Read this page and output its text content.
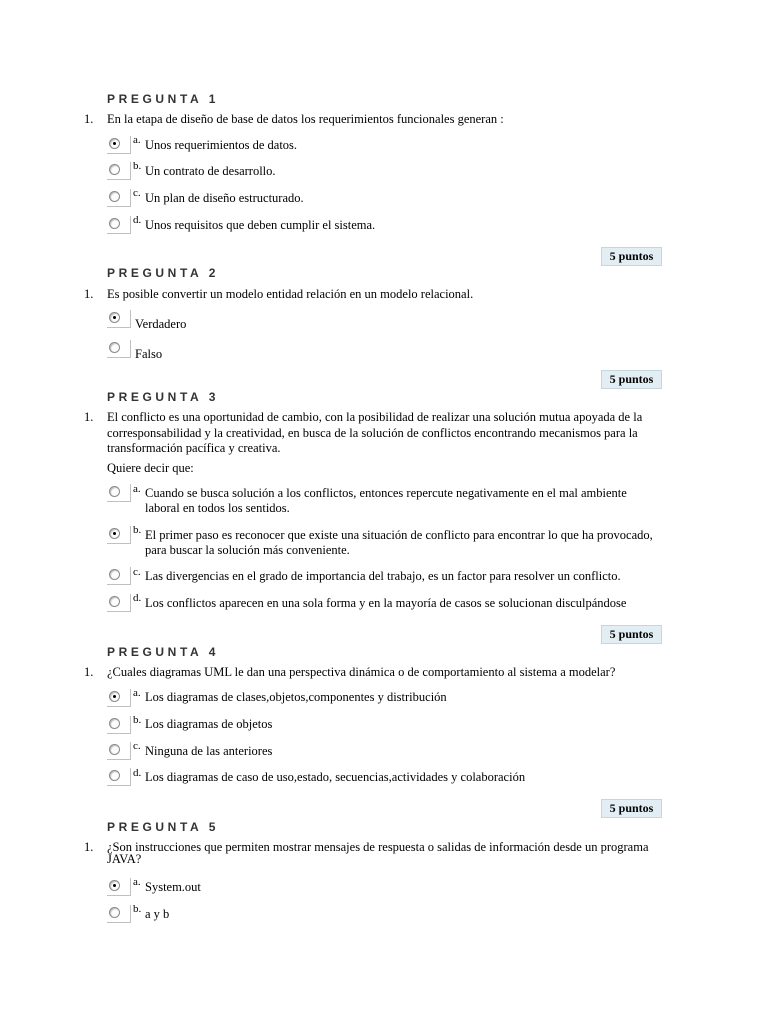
PREGUNTA 1
1. En la etapa de diseño de base de datos los requerimientos funcionales generan :
a. Unos requerimientos de datos.
b. Un contrato de desarrollo.
c. Un plan de diseño estructurado.
d. Unos requisitos que deben cumplir el sistema.
5 puntos
PREGUNTA 2
1. Es posible convertir un modelo entidad relación en un modelo relacional.
Verdadero
Falso
5 puntos
PREGUNTA 3
1. El conflicto es una oportunidad de cambio, con la posibilidad de realizar una solución mutua apoyada de la
corresponsabilidad y la creatividad, en busca de la solución de conflictos encontrando mecanismos para la
transformación pacífica y creativa.
Quiere decir que:
a. Cuando se busca solución a los conflictos, entonces repercute negativamente en el mal ambiente
laboral en todos los sentidos.
b. El primer paso es reconocer que existe una situación de conflicto para encontrar lo que ha provocado,
para buscar la solución más conveniente.
c. Las divergencias en el grado de importancia del trabajo, es un factor para resolver un conflicto.
d. Los conflictos aparecen en una sola forma y en la mayoría de casos se solucionan disculpándose
5 puntos
PREGUNTA 4
1. ¿Cuales diagramas UML le dan una perspectiva dinámica o de comportamiento al sistema a modelar?
a. Los diagramas de clases,objetos,componentes y distribución
b. Los diagramas de objetos
c. Ninguna de las anteriores
d. Los diagramas de caso de uso,estado, secuencias,actividades y colaboración
5 puntos
PREGUNTA 5
1. ¿Son instrucciones que permiten mostrar mensajes de respuesta o salidas de información desde un programa
JAVA?
a. System.out
b. a y b
